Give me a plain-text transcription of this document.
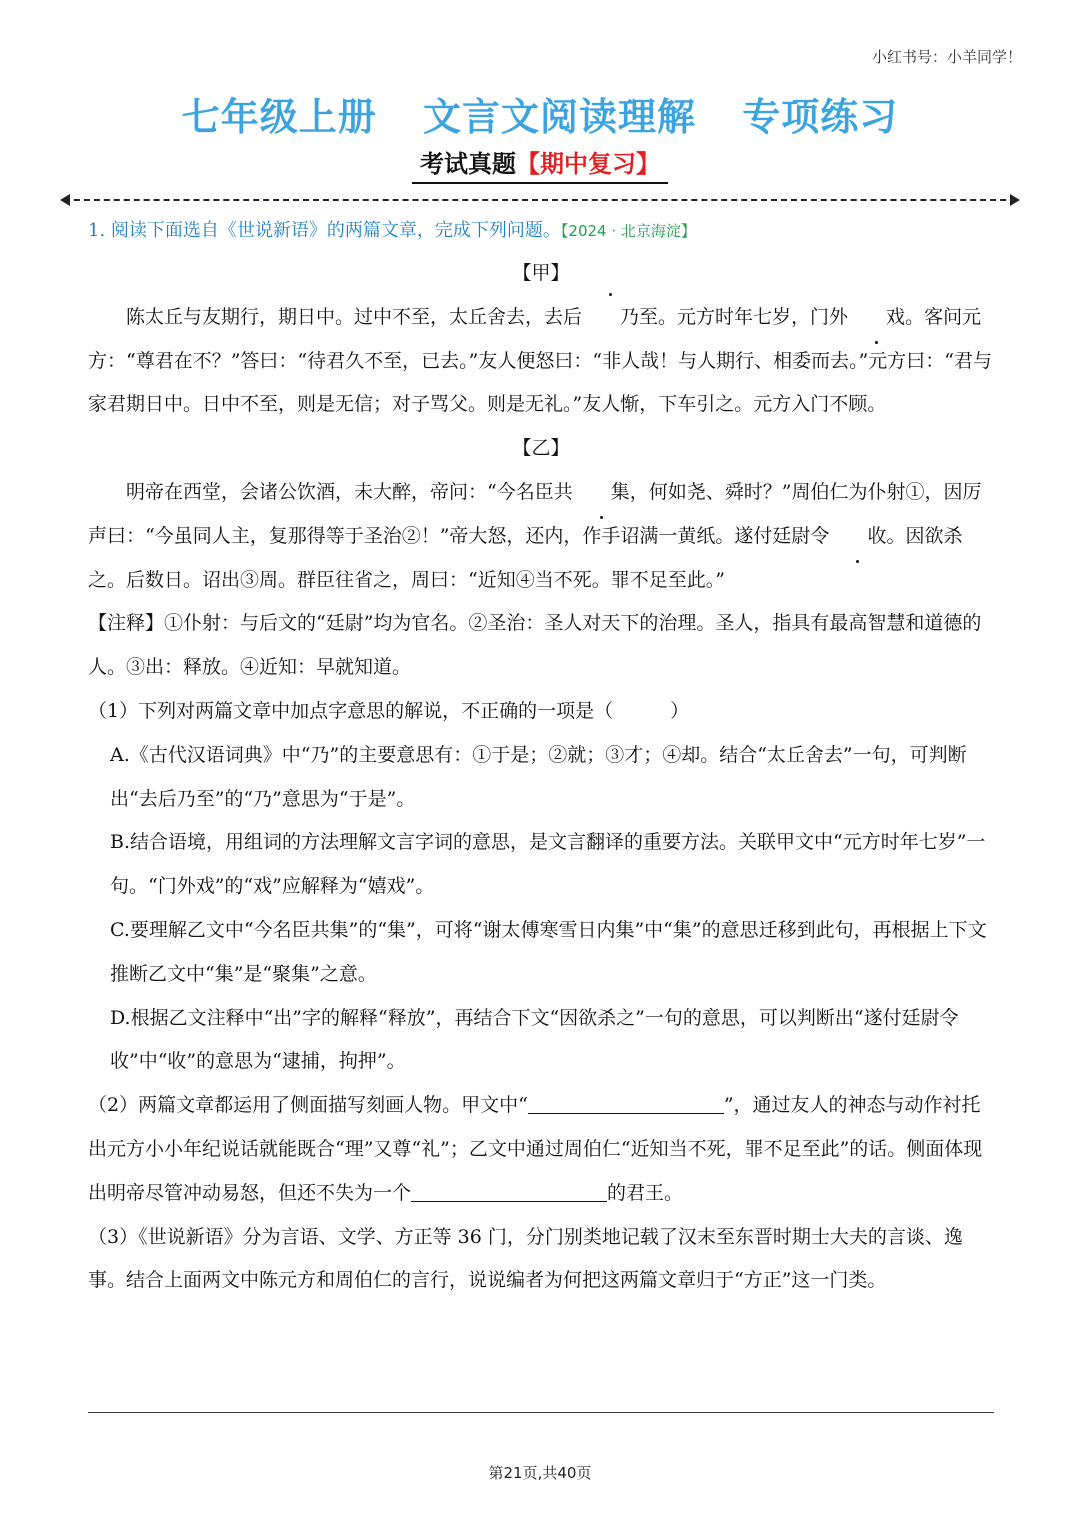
小红书号：小羊同学！
七年级上册 文言文阅读理解 专项练习
考试真题【期中复习】
1. 阅读下面选自《世说新语》的两篇文章，完成下列问题。【2024 · 北京海淀】

【甲】

陈太丘与友期行，期日中。过中不至，太丘舍去，去后 乃至。元方时年七岁，门外 戏。客问元方：“尊君在不？”答曰：“待君久不至，已去。”友人便怒曰：“非人哉！与人期行、相委而去。”元方曰：“君与家君期日中。日中不至，则是无信；对子骂父。则是无礼。”友人惭，下车引之。元方入门不顾。

【乙】

明帝在西堂，会诸公饮酒，未大醉，帝问：“今名臣共 集，何如尧、舜时？”周伯仁为仆射①，因厉声曰：“今虽同人主，复那得等于圣治②！”帝大怒，还内，作手诏满一黄纸。遂付廷尉令 收。因欲杀之。后数日。诏出③周。群臣往省之，周曰：“近知④当不死。罪不足至此。”

【注释】①仆射：与后文的“廷尉”均为官名。②圣治：圣人对天下的治理。圣人，指具有最高智慧和道德的人。③出：释放。④近知：早就知道。

（1）下列对两篇文章中加点字意思的解说，不正确的一项是（　　　）

A.《古代汉语词典》中“乃”的主要意思有：①于是；②就；③才；④却。结合“太丘舍去”一句，可判断出“去后乃至”的“乃”意思为“于是”。

B.结合语境，用组词的方法理解文言字词的意思，是文言翻译的重要方法。关联甲文中“元方时年七岁”一句。“门外戏”的“戏”应解释为“嬉戏”。

C.要理解乙文中“今名臣共集”的“集”，可将“谢太傅寒雪日内集”中“集”的意思迁移到此句，再根据上下文推断乙文中“集”是“聚集”之意。

D.根据乙文注释中“出”字的解释“释放”，再结合下文“因欲杀之”一句的意思，可以判断出“遂付廷尉令收”中“收”的意思为“逮捕，拘押”。

（2）两篇文章都运用了侧面描写刻画人物。甲文中“	”，通过友人的神态与动作衬托出元方小小年纪说话就能既合“理”又尊“礼”；乙文中通过周伯仁“近知当不死，罪不足至此”的话。侧面体现出明帝尽管冲动易怒，但还不失为一个	的君王。

（3）《世说新语》分为言语、文学、方正等 36 门，分门别类地记载了汉末至东晋时期士大夫的言谈、逸事。结合上面两文中陈元方和周伯仁的言行，说说编者为何把这两篇文章归于“方正”这一门类。

第21页,共40页
